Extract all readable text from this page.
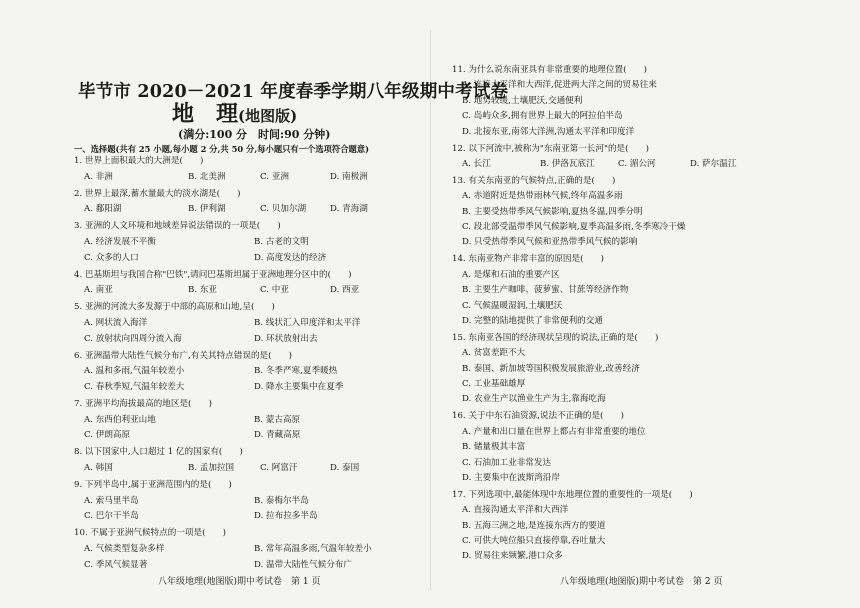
毕节市 2020－2021 年度春季学期八年级期中考试卷
地　理(地图版)
(满分:100 分　时间:90 分钟)
一、选择题(共有 25 小题,每小题 2 分,共 50 分,每小题只有一个选项符合题意)
1. 世界上面积最大的大洲是(　　)
A. 非洲	B. 北美洲	C. 亚洲	D. 南极洲
2. 世界上最深,蓄水量最大的淡水湖是(　　)
A. 鄱阳湖	B. 伊利湖	C. 贝加尔湖	D. 青海湖
3. 亚洲的人文环境和地域差异说法错误的一项是(　　)
A. 经济发展不平衡	B. 古老的文明
C. 众多的人口	D. 高度发达的经济
4. 巴基斯坦与我国合称"巴铁",请问巴基斯坦属于亚洲地理分区中的(　　)
A. 南亚	B. 东亚	C. 中亚	D. 西亚
5. 亚洲的河流大多发源于中部的高原和山地,呈(　　)
A. 网状流入海洋	B. 线状汇入印度洋和太平洋
C. 放射状向四周分流入海	D. 环状放射出去
6. 亚洲温带大陆性气候分布广,有关其特点错误的是(　　)
A. 温和多雨,气温年较差小	B. 冬季严寒,夏季暖热
C. 春秋季短,气温年较差大	D. 降水主要集中在夏季
7. 亚洲平均海拔最高的地区是(　　)
A. 东西伯利亚山地	B. 蒙古高原
C. 伊朗高原	D. 青藏高原
8. 以下国家中,人口超过 1 亿的国家有(　　)
A. 韩国	B. 孟加拉国	C. 阿富汗	D. 泰国
9. 下列半岛中,属于亚洲范围内的是(　　)
A. 索马里半岛	B. 泰梅尔半岛
C. 巴尔干半岛	D. 拉布拉多半岛
10. 不属于亚洲气候特点的一项是(　　)
A. 气候类型复杂多样	B. 常年高温多雨,气温年较差小
C. 季风气候显著	D. 温带大陆性气候分布广
11. 为什么说东南亚具有非常重要的地理位置(　　)
A. 连接太平洋和大西洋,促进两大洋之间的贸易往来
B. 地势较缓,土壤肥沃,交通便利
C. 岛屿众多,拥有世界上最大的阿拉伯半岛
D. 北接东亚,南邻大洋洲,沟通太平洋和印度洋
12. 以下河流中,被称为"东南亚第一长河"的是(　　)
A. 长江	B. 伊洛瓦底江	C. 湄公河	D. 萨尔温江
13. 有关东南亚的气候特点,正确的是(　　)
A. 赤道附近是热带雨林气候,终年高温多雨
B. 主要受热带季风气候影响,夏热冬温,四季分明
C. 段北部受温带季风气候影响,夏季高温多雨,冬季寒冷干燥
D. 只受热带季风气候和亚热带季风气候的影响
14. 东南亚物产非常丰富的原因是(　　)
A. 是煤和石油的重要产区
B. 主要生产咖啡、菠萝蜜、甘蔗等经济作物
C. 气候温暖湿润,土壤肥沃
D. 完整的陆地提供了非常便利的交通
15. 东南亚各国的经济现状呈现的说法,正确的是(　　)
A. 贫富差距不大
B. 泰国、新加坡等国积极发展旅游业,改善经济
C. 工业基础雄厚
D. 农业生产以渔业生产为主,靠海吃海
16. 关于中东石油资源,说法不正确的是(　　)
A. 产量和出口量在世界上都占有非常重要的地位
B. 储量极其丰富
C. 石油加工业非常发达
D. 主要集中在波斯湾沿岸
17. 下列选项中,最能体现中东地理位置的重要性的一项是(　　)
A. 直接沟通太平洋和大西洋
B. 五海三洲之地,是连接东西方的要道
C. 可供大吨位船只直接停靠,吞吐量大
D. 贸易往来频繁,港口众多
八年级地理(地图版)期中考试卷　第 1 页	八年级地理(地图版)期中考试卷　第 2 页
